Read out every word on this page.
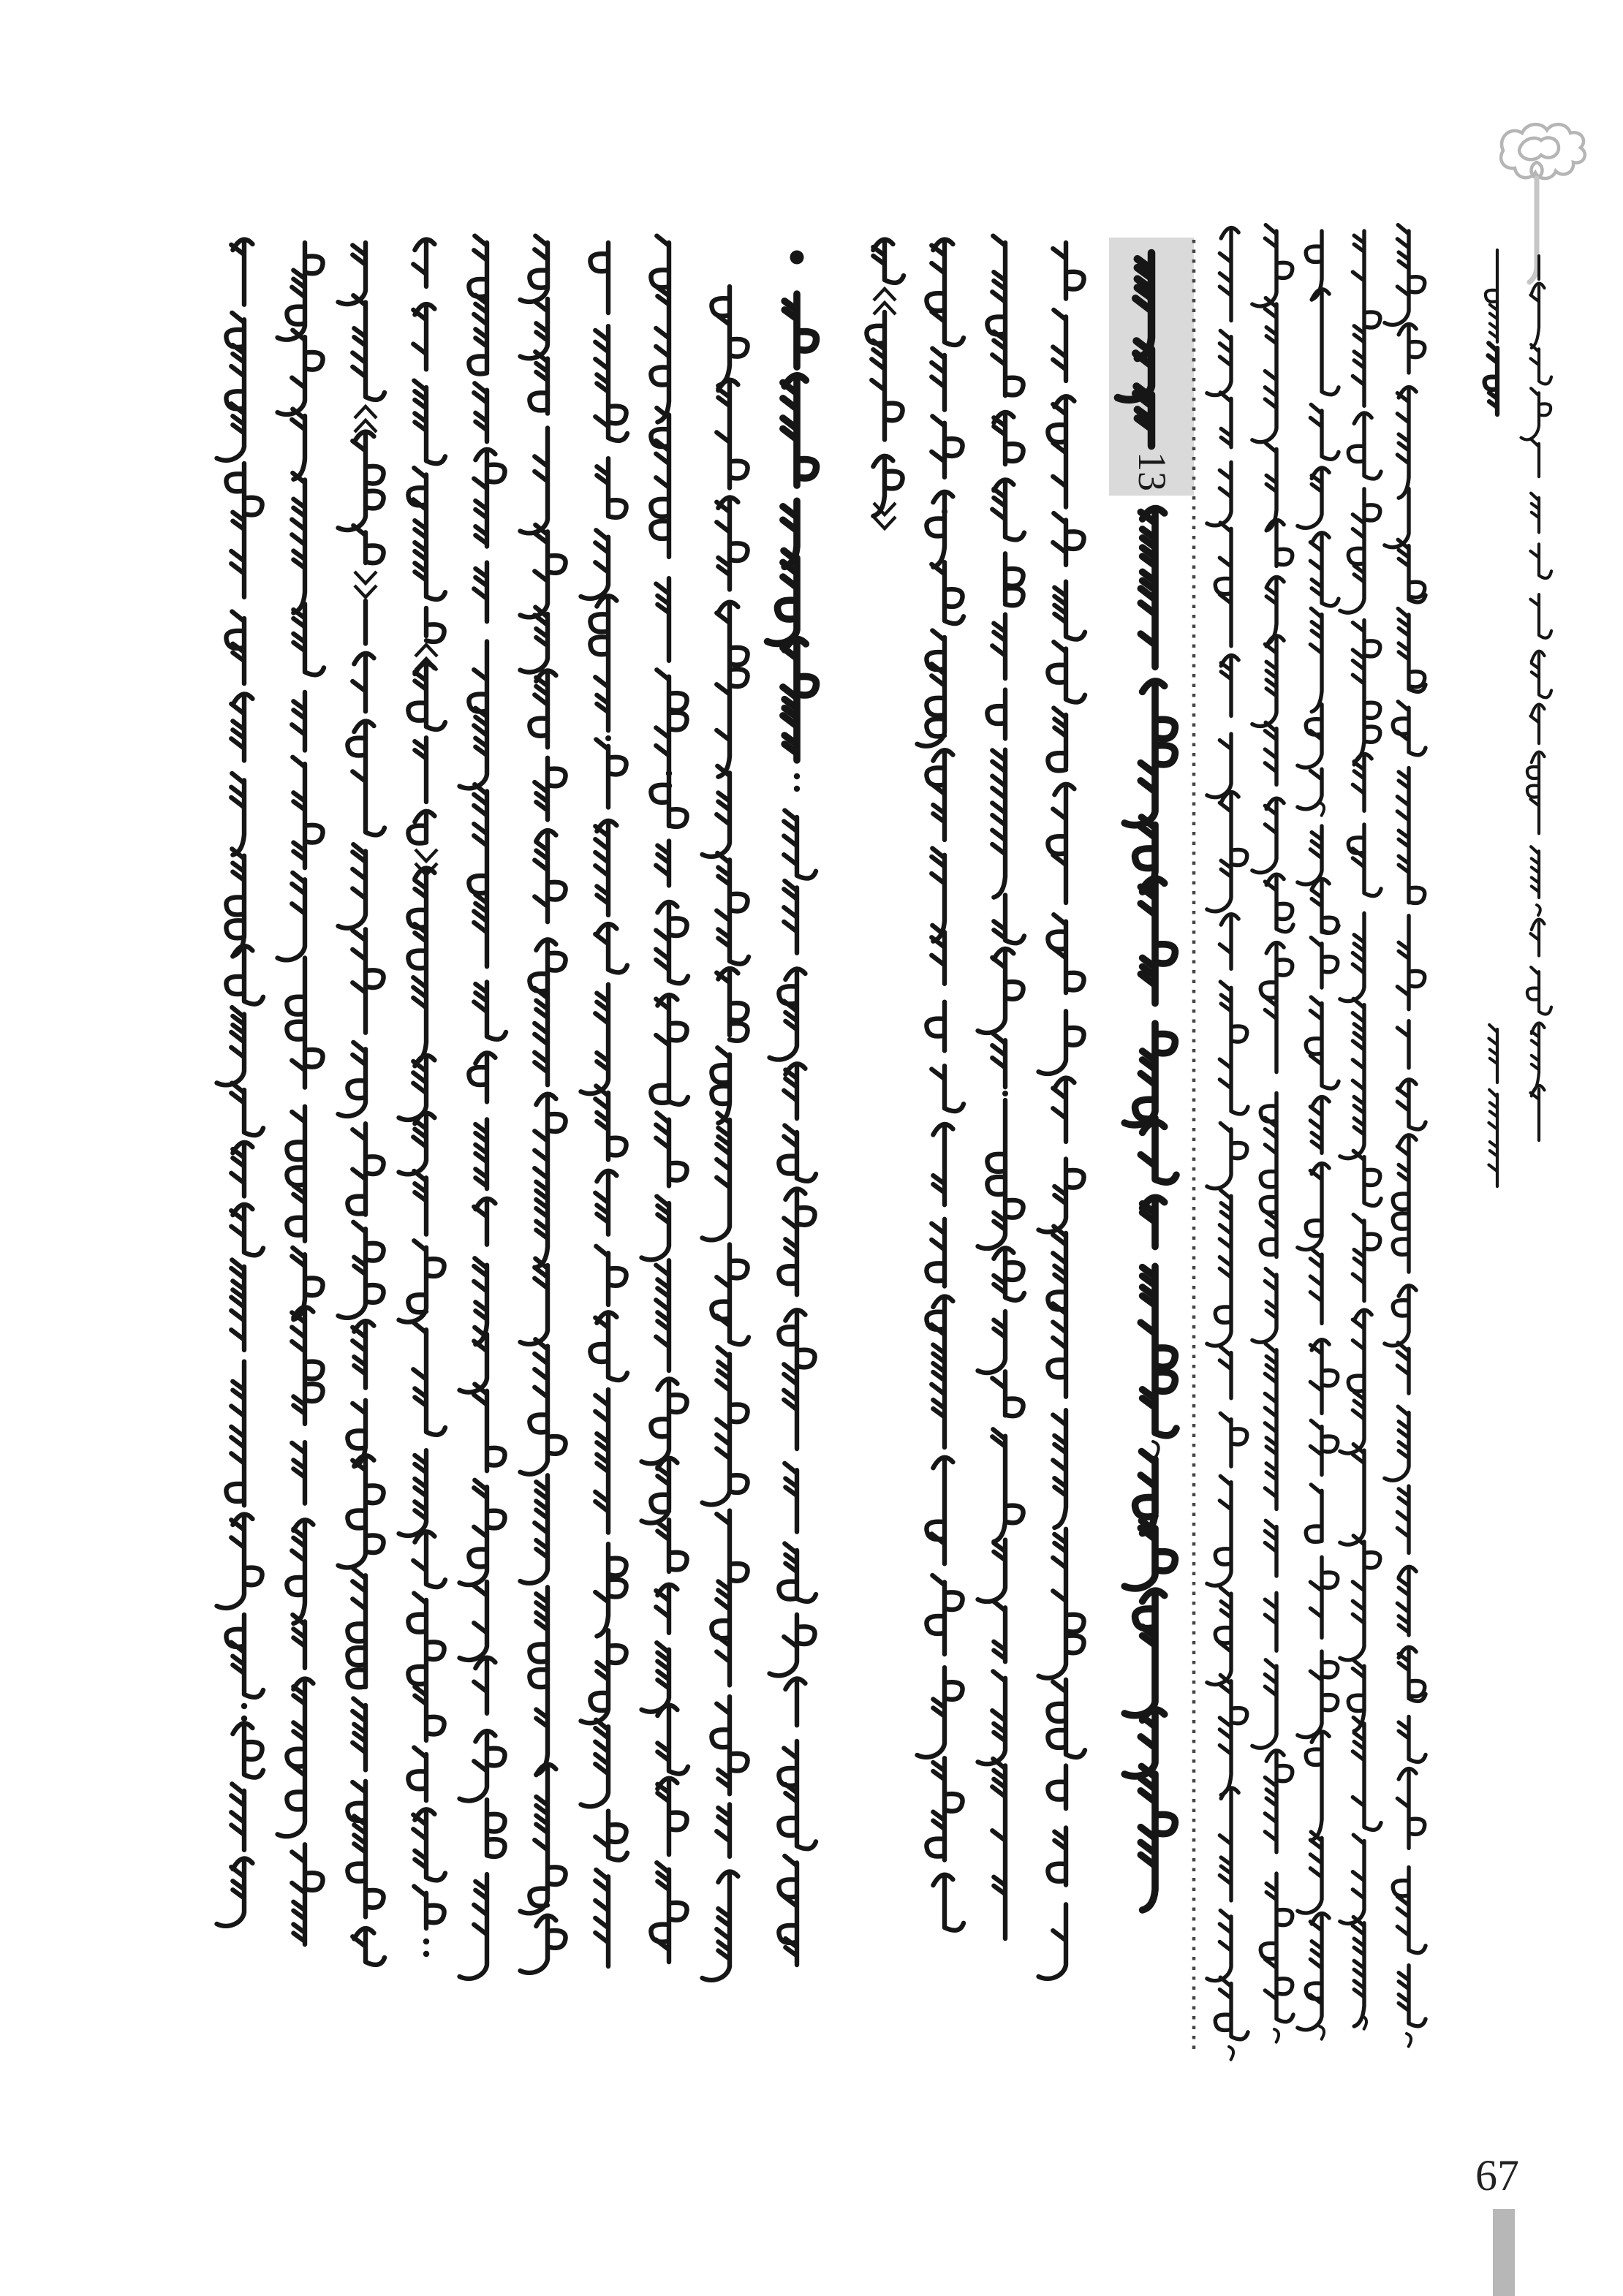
13
67
